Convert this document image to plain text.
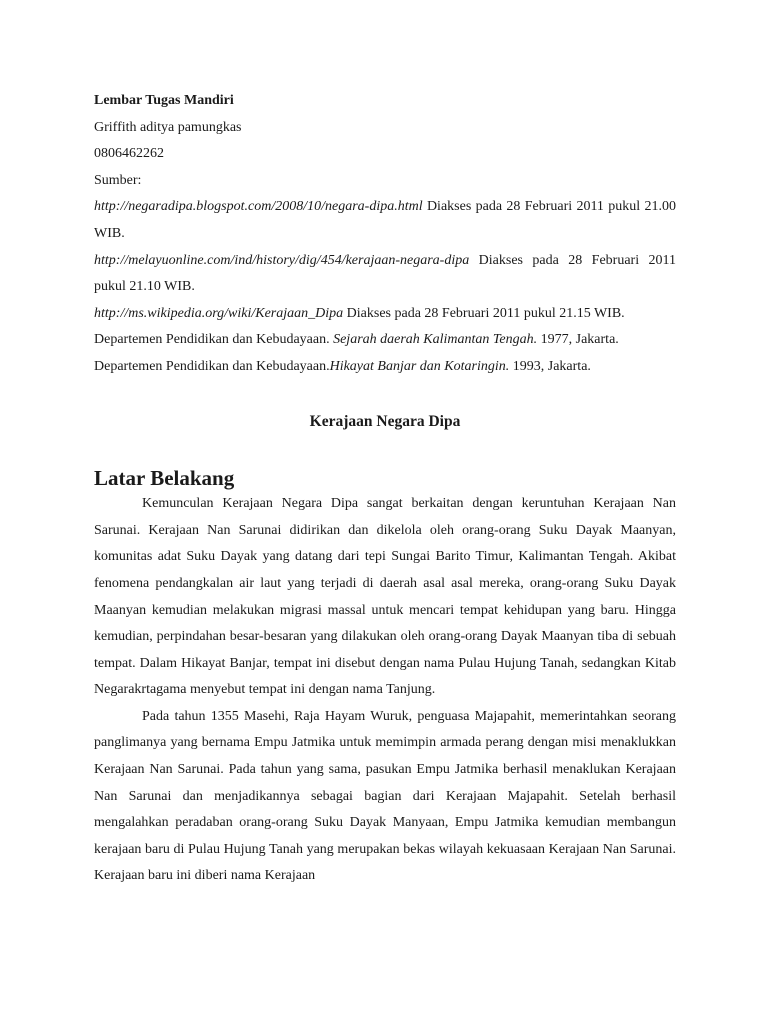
Lembar Tugas Mandiri

Griffith aditya pamungkas

0806462262

Sumber:

http://negaradipa.blogspot.com/2008/10/negara-dipa.html Diakses pada 28 Februari 2011 pukul 21.00 WIB.

http://melayuonline.com/ind/history/dig/454/kerajaan-negara-dipa Diakses pada 28 Februari 2011 pukul 21.10 WIB.

http://ms.wikipedia.org/wiki/Kerajaan_Dipa Diakses pada 28 Februari 2011 pukul 21.15 WIB.

Departemen Pendidikan dan Kebudayaan. Sejarah daerah Kalimantan Tengah. 1977, Jakarta.

Departemen Pendidikan dan Kebudayaan.Hikayat Banjar dan Kotaringin. 1993, Jakarta.

Kerajaan Negara Dipa
Latar Belakang

Kemunculan Kerajaan Negara Dipa sangat berkaitan dengan keruntuhan Kerajaan Nan Sarunai. Kerajaan Nan Sarunai didirikan dan dikelola oleh orang-orang Suku Dayak Maanyan, komunitas adat Suku Dayak yang datang dari tepi Sungai Barito Timur, Kalimantan Tengah. Akibat fenomena pendangkalan air laut yang terjadi di daerah asal asal mereka, orang-orang Suku Dayak Maanyan kemudian melakukan migrasi massal untuk mencari tempat kehidupan yang baru. Hingga kemudian, perpindahan besar-besaran yang dilakukan oleh orang-orang Dayak Maanyan tiba di sebuah tempat. Dalam Hikayat Banjar, tempat ini disebut dengan nama Pulau Hujung Tanah, sedangkan Kitab Negarakrtagama menyebut tempat ini dengan nama Tanjung.

Pada tahun 1355 Masehi, Raja Hayam Wuruk, penguasa Majapahit, memerintahkan seorang panglimanya yang bernama Empu Jatmika untuk memimpin armada perang dengan misi menaklukkan Kerajaan Nan Sarunai. Pada tahun yang sama, pasukan Empu Jatmika berhasil menaklukan Kerajaan Nan Sarunai dan menjadikannya sebagai bagian dari Kerajaan Majapahit. Setelah berhasil mengalahkan peradaban orang-orang Suku Dayak Manyaan, Empu Jatmika kemudian membangun kerajaan baru di Pulau Hujung Tanah yang merupakan bekas wilayah kekuasaan Kerajaan Nan Sarunai. Kerajaan baru ini diberi nama Kerajaan
